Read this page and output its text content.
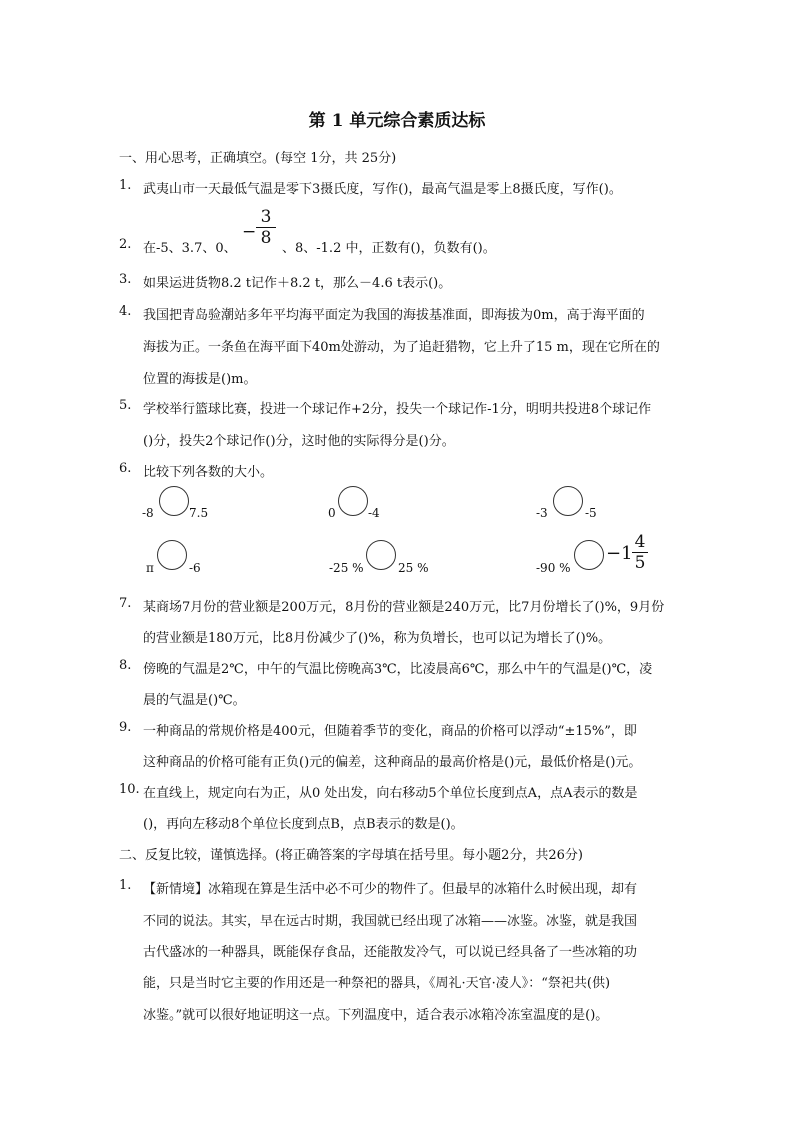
第 1 单元综合素质达标
一、用心思考，正确填空。(每空 1分，共 25分)
1. 武夷山市一天最低气温是零下3摄氏度，写作()，最高气温是零上8摄氏度，写作()。
2. 在-5、3.7、0、
−
3
8
、8、-1.2 中，正数有()，负数有()。
3. 如果运进货物8.2 t记作＋8.2 t，那么－4.6 t表示()。
4. 我国把青岛验潮站多年平均海平面定为我国的海拔基准面，即海拔为0m，高于海平面的
海拔为正。一条鱼在海平面下40m处游动，为了追赶猎物，它上升了15 m，现在它所在的
位置的海拔是()m。
5. 学校举行篮球比赛，投进一个球记作+2分，投失一个球记作-1分，明明共投进8个球记作
()分，投失2个球记作()分，这时他的实际得分是()分。
6. 比较下列各数的大小。
-8	7.5	0	-4	-3	-5
π	-6	-25 %	25 %	-90 %
−1
4
5
7. 某商场7月份的营业额是200万元，8月份的营业额是240万元，比7月份增长了()%，9月份
的营业额是180万元，比8月份减少了()%，称为负增长，也可以记为增长了()%。
8. 傍晚的气温是2℃，中午的气温比傍晚高3℃，比凌晨高6℃，那么中午的气温是()℃，凌
晨的气温是()℃。
9. 一种商品的常规价格是400元，但随着季节的变化，商品的价格可以浮动“±15%”，即
这种商品的价格可能有正负()元的偏差，这种商品的最高价格是()元，最低价格是()元。
10. 在直线上，规定向右为正，从0 处出发，向右移动5个单位长度到点A，点A表示的数是
()，再向左移动8个单位长度到点B，点B表示的数是()。
二、反复比较，谨慎选择。(将正确答案的字母填在括号里。每小题2分，共26分)
1. 【新情境】冰箱现在算是生活中必不可少的物件了。但最早的冰箱什么时候出现，却有
不同的说法。其实，早在远古时期，我国就已经出现了冰箱——冰鉴。冰鉴，就是我国
古代盛冰的一种器具，既能保存食品，还能散发冷气，可以说已经具备了一些冰箱的功
能，只是当时它主要的作用还是一种祭祀的器具，《周礼·天官·凌人》：“祭祀共(供)
冰鉴。”就可以很好地证明这一点。下列温度中，适合表示冰箱冷冻室温度的是()。
